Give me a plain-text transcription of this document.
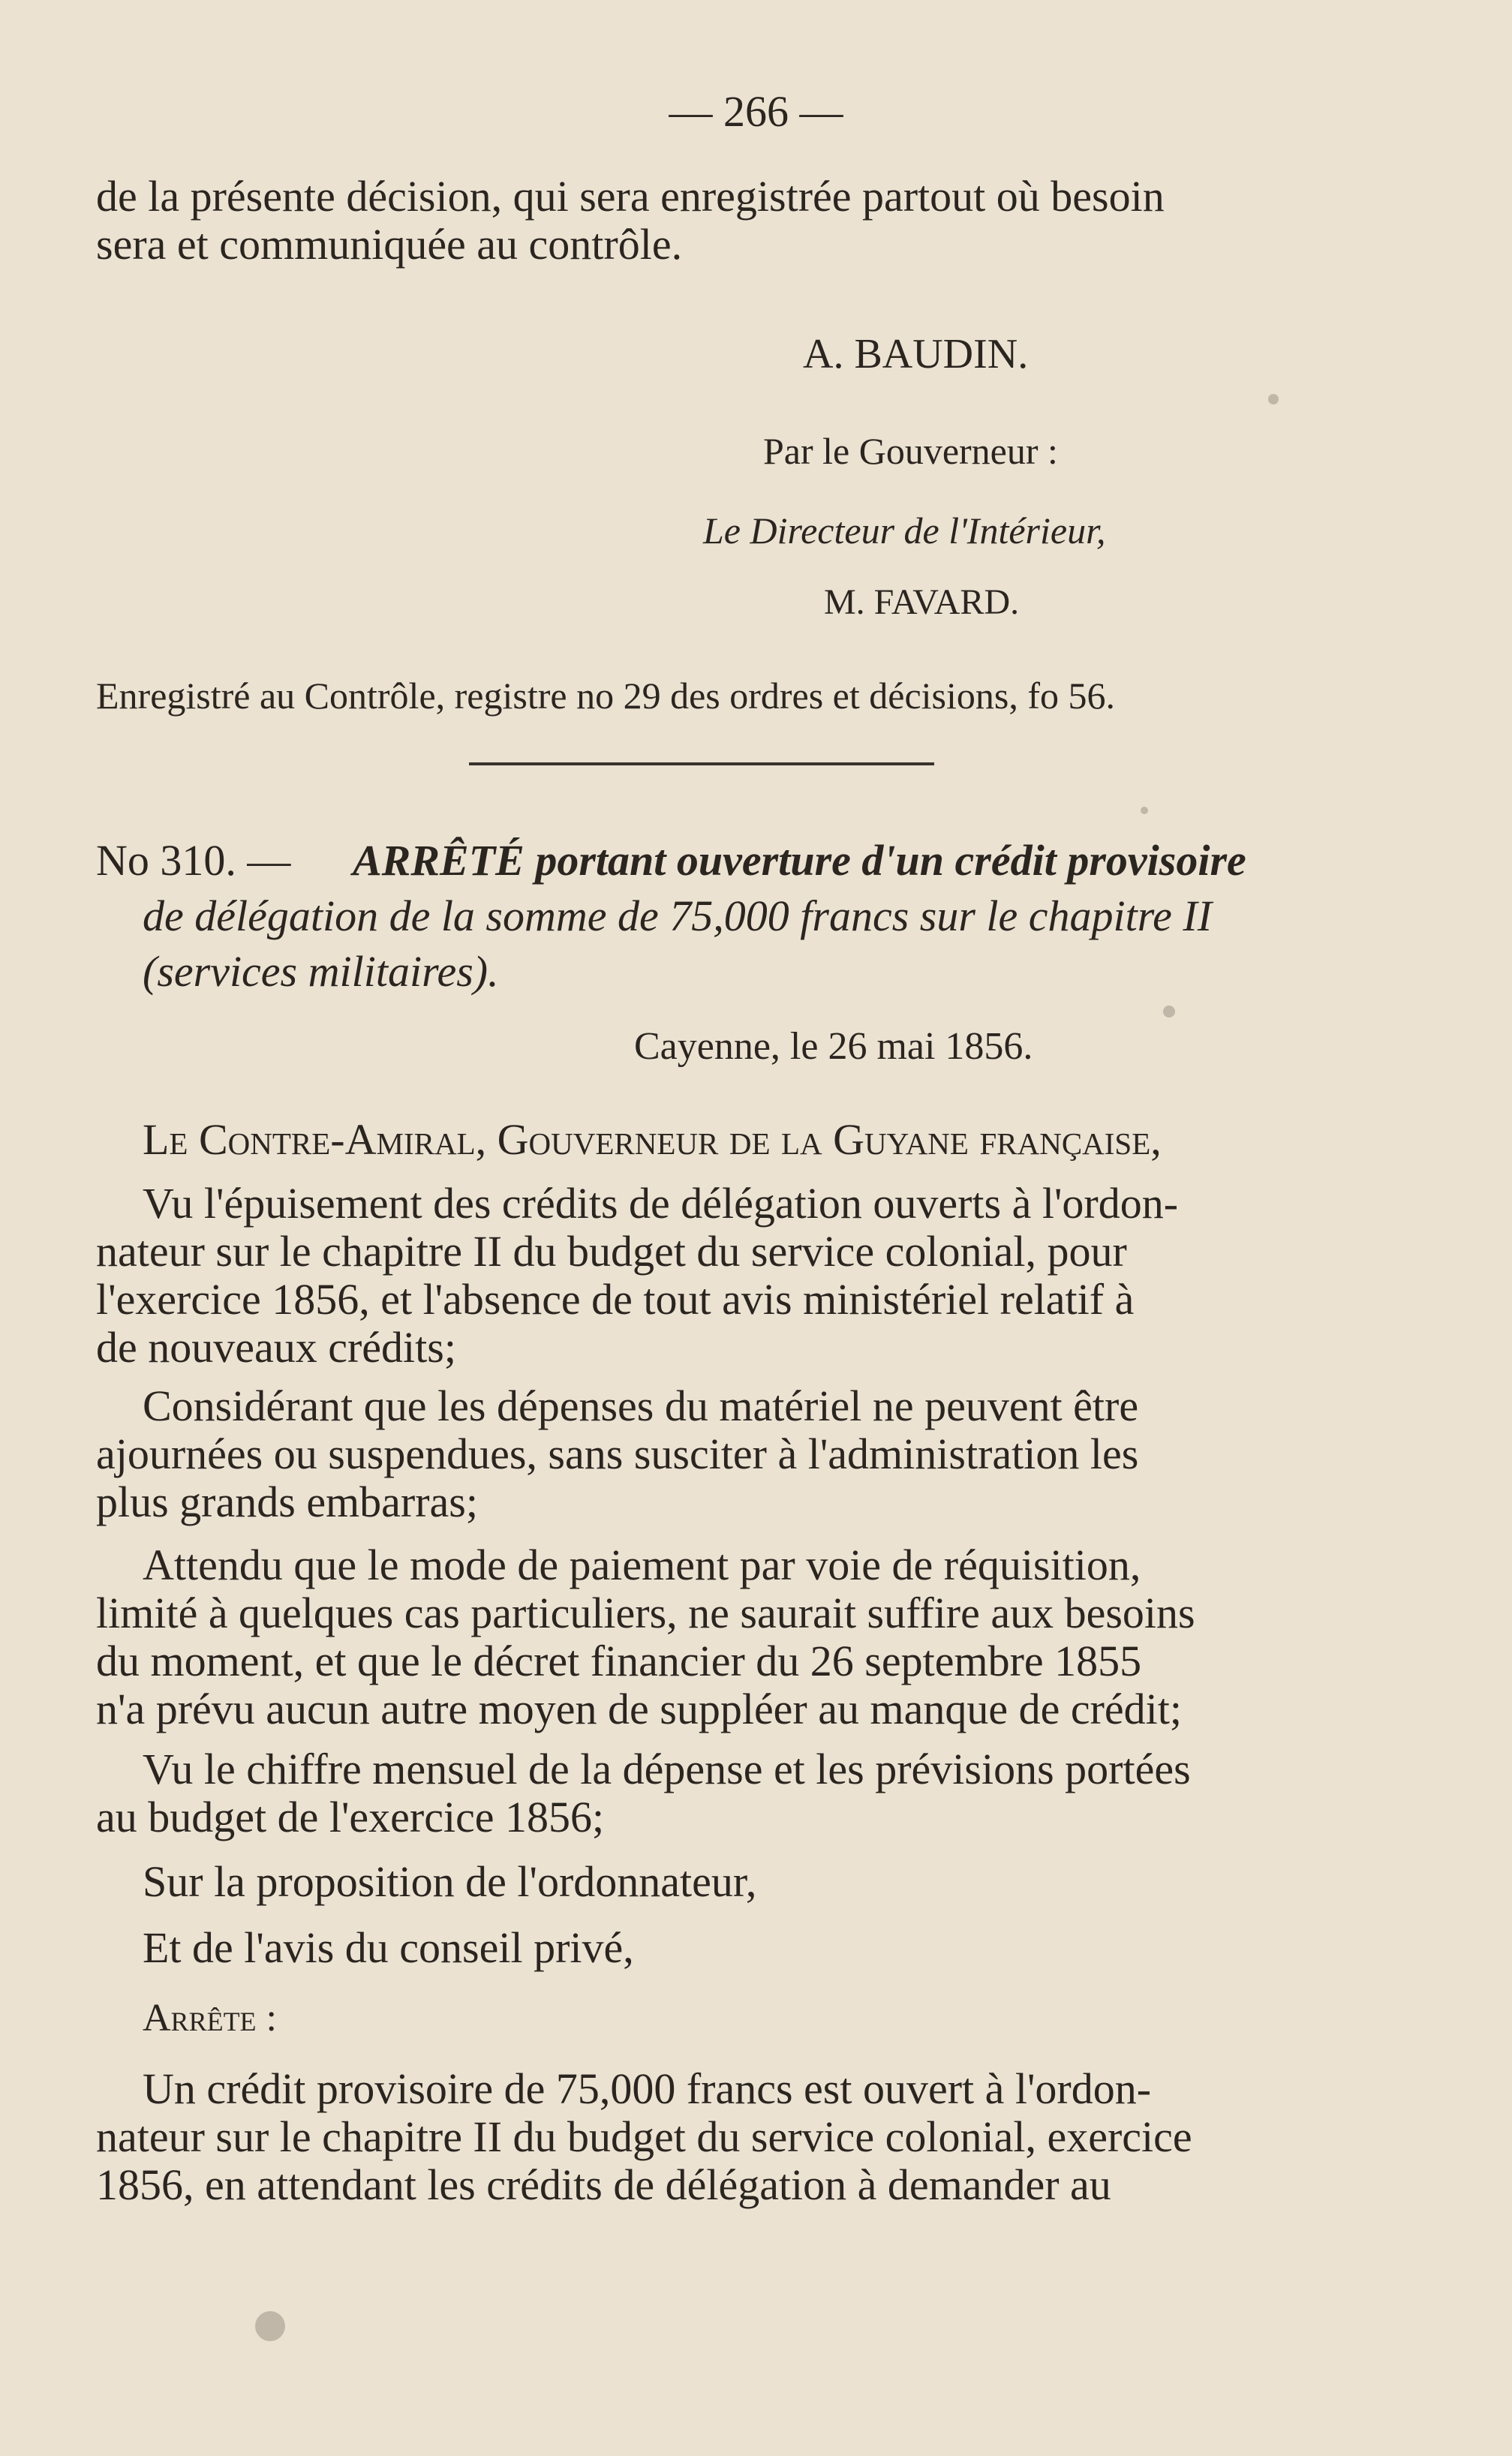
— 266 —
de la présente décision, qui sera enregistrée partout où besoin
sera et communiquée au contrôle.
A. BAUDIN.
Par le Gouverneur :
Le Directeur de l'Intérieur,
M. FAVARD.
Enregistré au Contrôle, registre no 29 des ordres et décisions, fo 56.
No 310. — ARRÊTÉ portant ouverture d'un crédit provisoire
de délégation de la somme de 75,000 francs sur le chapitre II
(services militaires).
Cayenne, le 26 mai 1856.
Le Contre-Amiral, Gouverneur de la Guyane française,
Vu l'épuisement des crédits de délégation ouverts à l'ordon-
nateur sur le chapitre II du budget du service colonial, pour
l'exercice 1856, et l'absence de tout avis ministériel relatif à
de nouveaux crédits;
Considérant que les dépenses du matériel ne peuvent être
ajournées ou suspendues, sans susciter à l'administration les
plus grands embarras;
Attendu que le mode de paiement par voie de réquisition,
limité à quelques cas particuliers, ne saurait suffire aux besoins
du moment, et que le décret financier du 26 septembre 1855
n'a prévu aucun autre moyen de suppléer au manque de crédit;
Vu le chiffre mensuel de la dépense et les prévisions portées
au budget de l'exercice 1856;
Sur la proposition de l'ordonnateur,
Et de l'avis du conseil privé,
Arrête :
Un crédit provisoire de 75,000 francs est ouvert à l'ordon-
nateur sur le chapitre II du budget du service colonial, exercice
1856, en attendant les crédits de délégation à demander au
